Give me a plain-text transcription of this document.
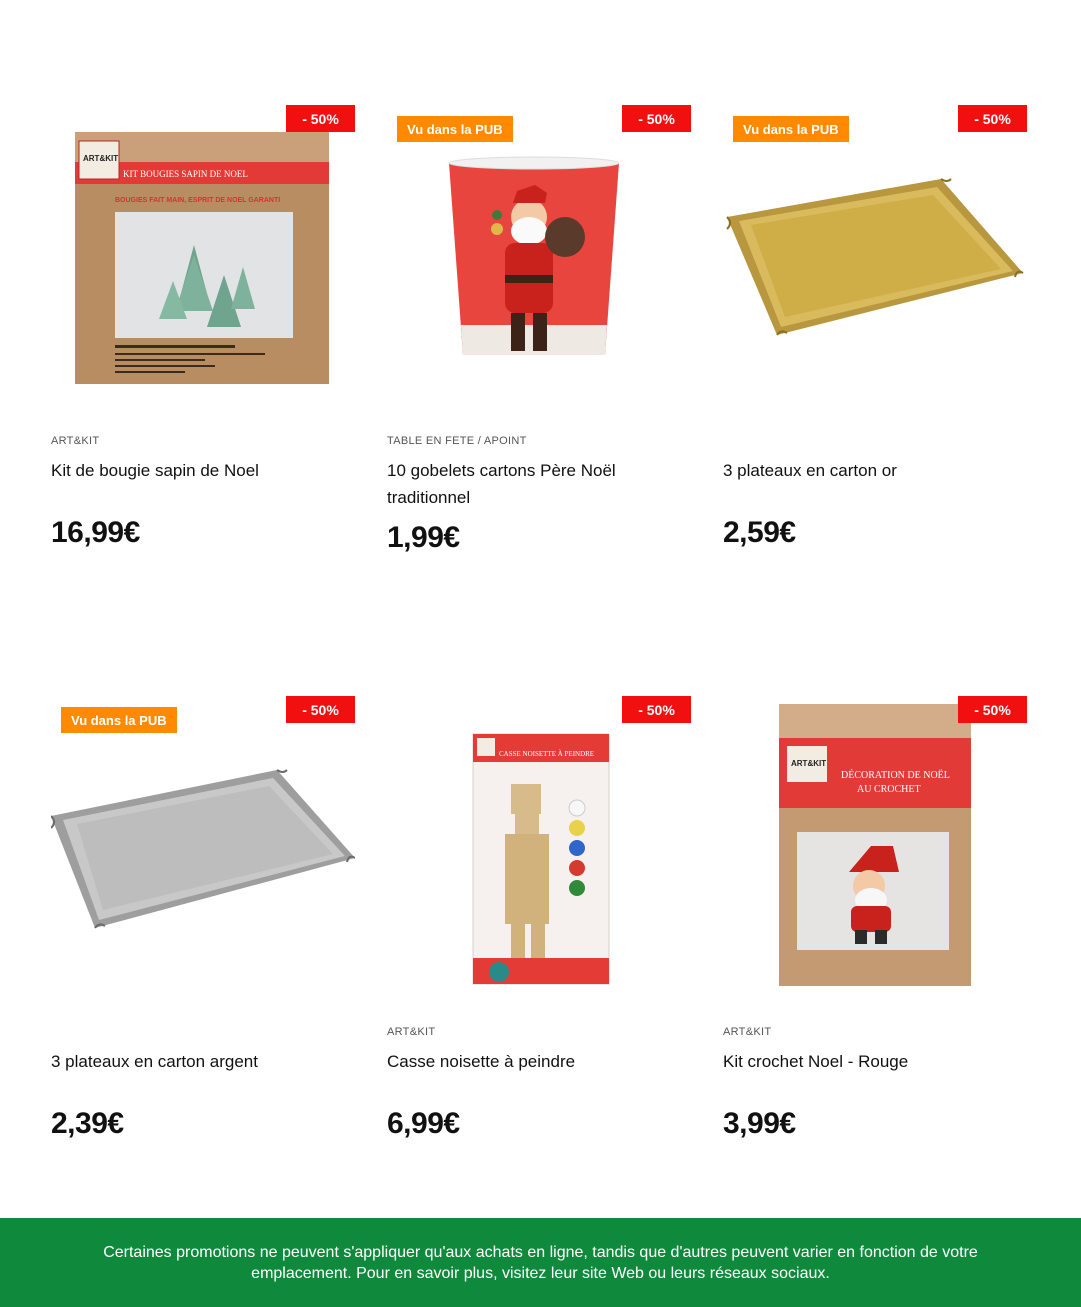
ART&KIT
KIT BOUGIES SAPIN DE NOEL
BOUGIES FAIT MAIN, ESPRIT DE NOEL GARANTI
- 50%
ART&KIT
Kit de bougie sapin de Noel
16,99€
Vu dans la PUB
- 50%
TABLE EN FETE / APOINT
10 gobelets cartons Père Noël traditionnel
1,99€
Vu dans la PUB
- 50%
3 plateaux en carton or
2,59€
Vu dans la PUB
- 50%
3 plateaux en carton argent
2,39€
CASSE NOISETTE À PEINDRE
- 50%
ART&KIT
Casse noisette à peindre
6,99€
ART&KIT
DÉCORATION DE NOËL
AU CROCHET
- 50%
ART&KIT
Kit crochet Noel - Rouge
3,99€
Certaines promotions ne peuvent s'appliquer qu'aux achats en ligne, tandis que d'autres peuvent varier en fonction de votre emplacement. Pour en savoir plus, visitez leur site Web ou leurs réseaux sociaux.
